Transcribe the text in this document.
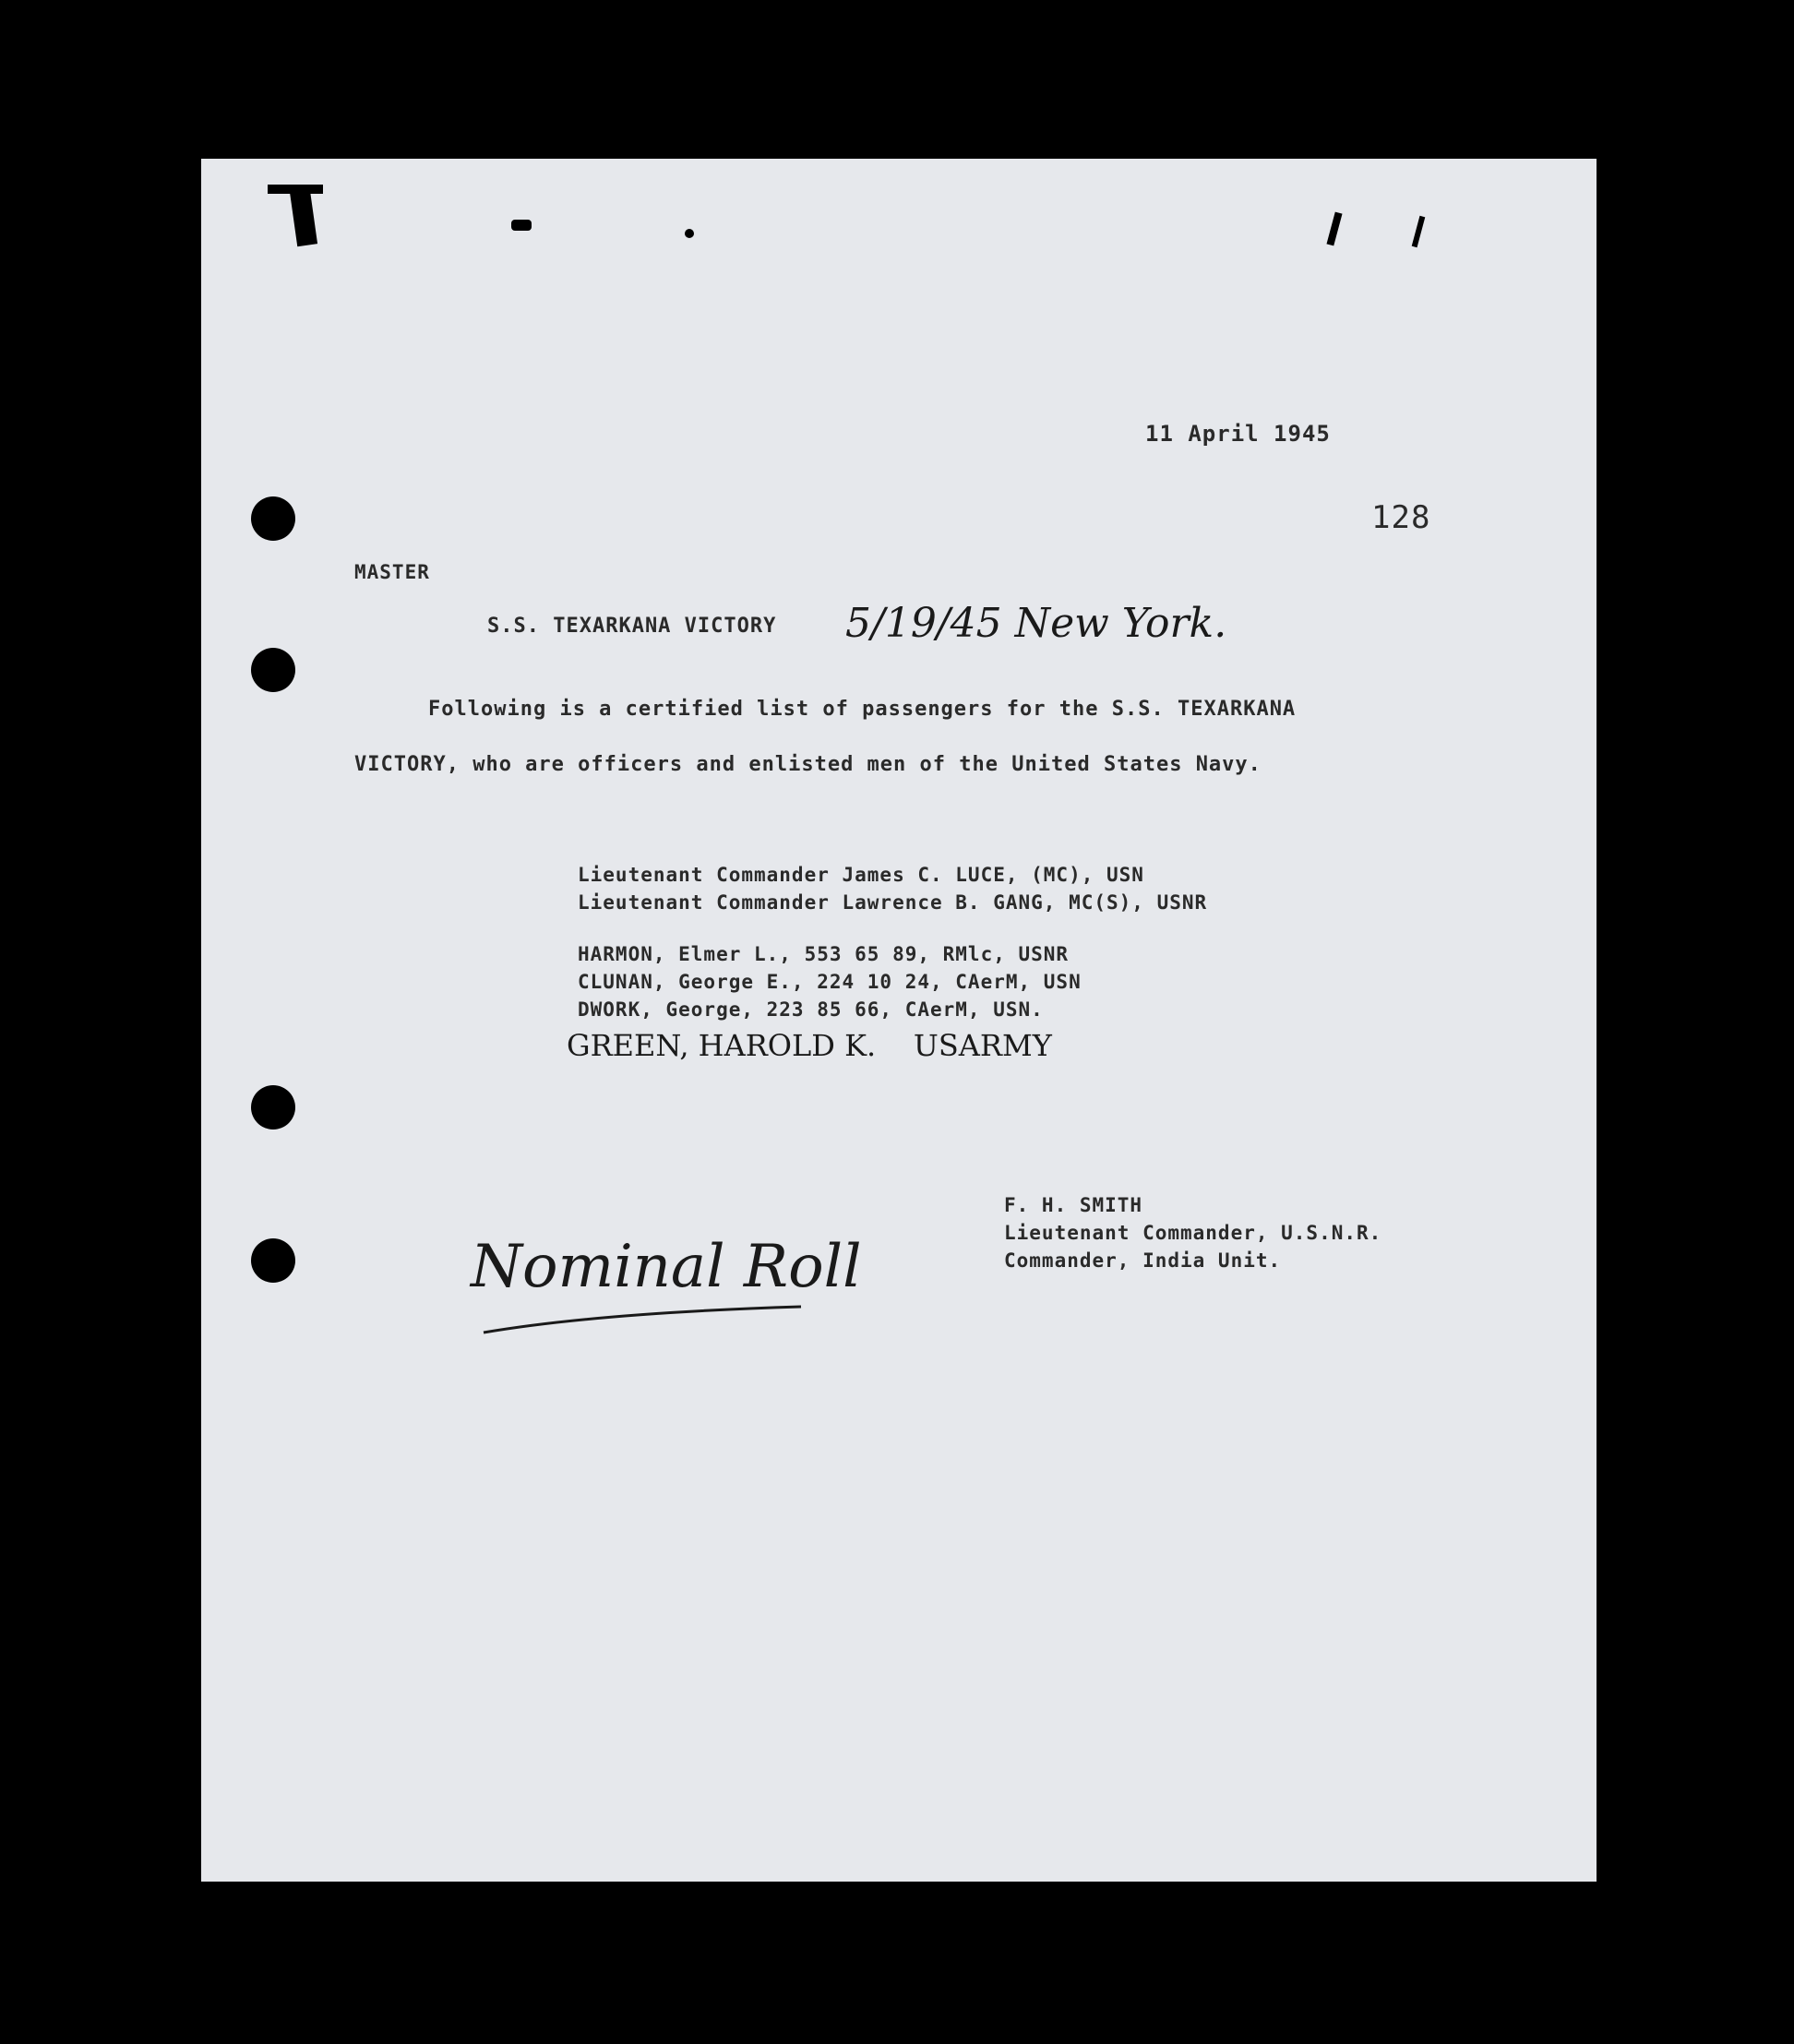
11 April 1945
128
MASTER
S.S. TEXARKANA VICTORY 5/19/45 New York.
Following is a certified list of passengers for the S.S. TEXARKANA
VICTORY, who are officers and enlisted men of the United States Navy.
Lieutenant Commander James C. LUCE, (MC), USN
Lieutenant Commander Lawrence B. GANG, MC(S), USNR
HARMON, Elmer L., 553 65 89, RMlc, USNR
CLUNAN, George E., 224 10 24, CAerM, USN
DWORK, George, 223 85 66, CAerM, USN.
GREEN, HAROLD K.    USARMY
F. H. SMITH
Lieutenant Commander, U.S.N.R.
Commander, India Unit.
Nominal Roll
